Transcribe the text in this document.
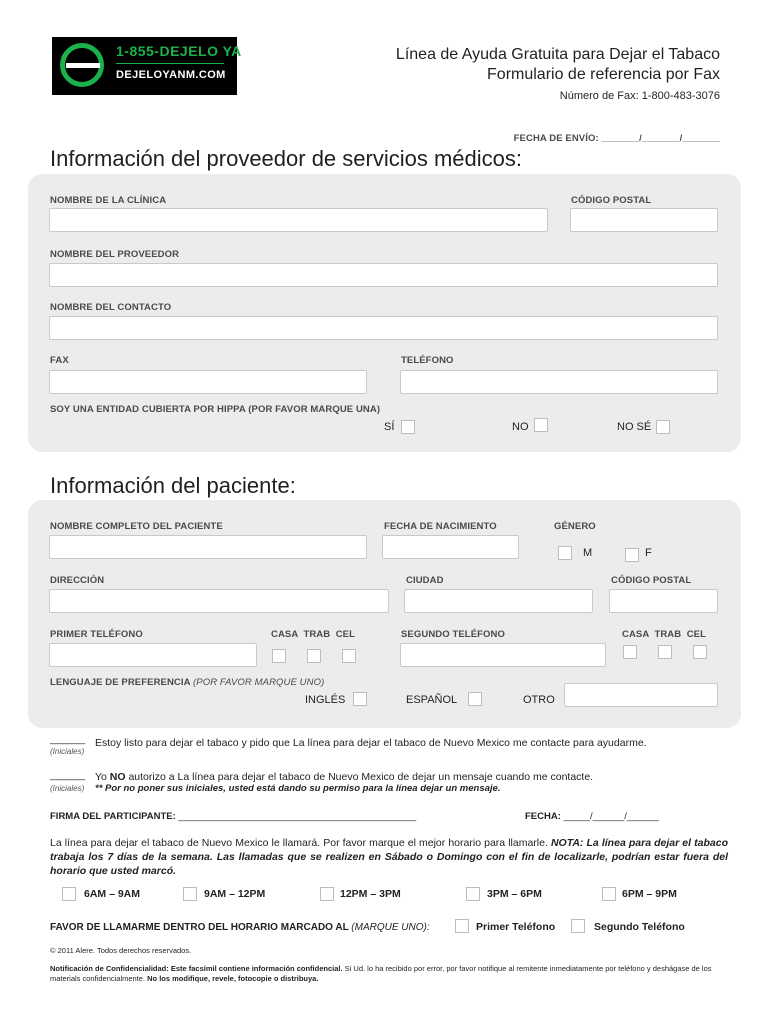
1-855-DEJELO YA
DEJELOYANM.COM
Línea de Ayuda Gratuita para Dejar el Tabaco
Formulario de referencia por Fax
Número de Fax: 1-800-483-3076
FECHA DE ENVÍO: _______/_______/_______
Información del proveedor de servicios médicos:
NOMBRE DE LA CLÍNICA	CÓDIGO POSTAL
NOMBRE DEL PROVEEDOR
NOMBRE DEL CONTACTO
FAX	TELÉFONO
SOY UNA ENTIDAD CUBIERTA POR HIPPA (POR FAVOR MARQUE UNA)
SÍ	NO	NO SÉ
Información del paciente:
NOMBRE COMPLETO DEL PACIENTE	FECHA DE NACIMIENTO	GÉNERO
M	F
DIRECCIÓN	CIUDAD	CÓDIGO POSTAL
PRIMER TELÉFONO	CASA  TRAB  CEL	SEGUNDO TELÉFONO	CASA  TRAB  CEL
LENGUAJE DE PREFERENCIA (POR FAVOR MARQUE UNO)
INGLÉS	ESPAÑOL	OTRO
______
(Iniciales)
Estoy listo para dejar el tabaco y pido que La línea para dejar el tabaco de Nuevo Mexico me contacte para ayudarme.
______ Yo NO autorizo a La línea para dejar el tabaco de Nuevo Mexico de dejar un mensaje cuando me contacte.
(Iniciales) ** Por no poner sus iniciales, usted está dando su permiso para la línea dejar un mensaje.
FIRMA DEL PARTICIPANTE: _____________________________________________	FECHA: _____/______/______
La línea para dejar el tabaco de Nuevo Mexico le llamará. Por favor marque el mejor horario para llamarle. NOTA: La línea para dejar el tabaco trabaja los 7 días de la semana. Las llamadas que se realizen en Sábado o Domingo con el fin de localizarle, podrían estar fuera del horario que usted marcó.
6AM – 9AM	9AM – 12PM	12PM – 3PM	3PM – 6PM	6PM – 9PM
FAVOR DE LLAMARME DENTRO DEL HORARIO MARCADO AL (MARQUE UNO):	Primer Teléfono	Segundo Teléfono
© 2011 Alere. Todos derechos reservados.
Notificación de Confidencialidad: Este facsímil contiene información confidencial. Si Ud. lo ha recibido por error, por favor notifique al remitente inmediatamente por teléfono y deshágase de los materials confidencialmente. No los modifique, revele, fotocopie o distribuya.
